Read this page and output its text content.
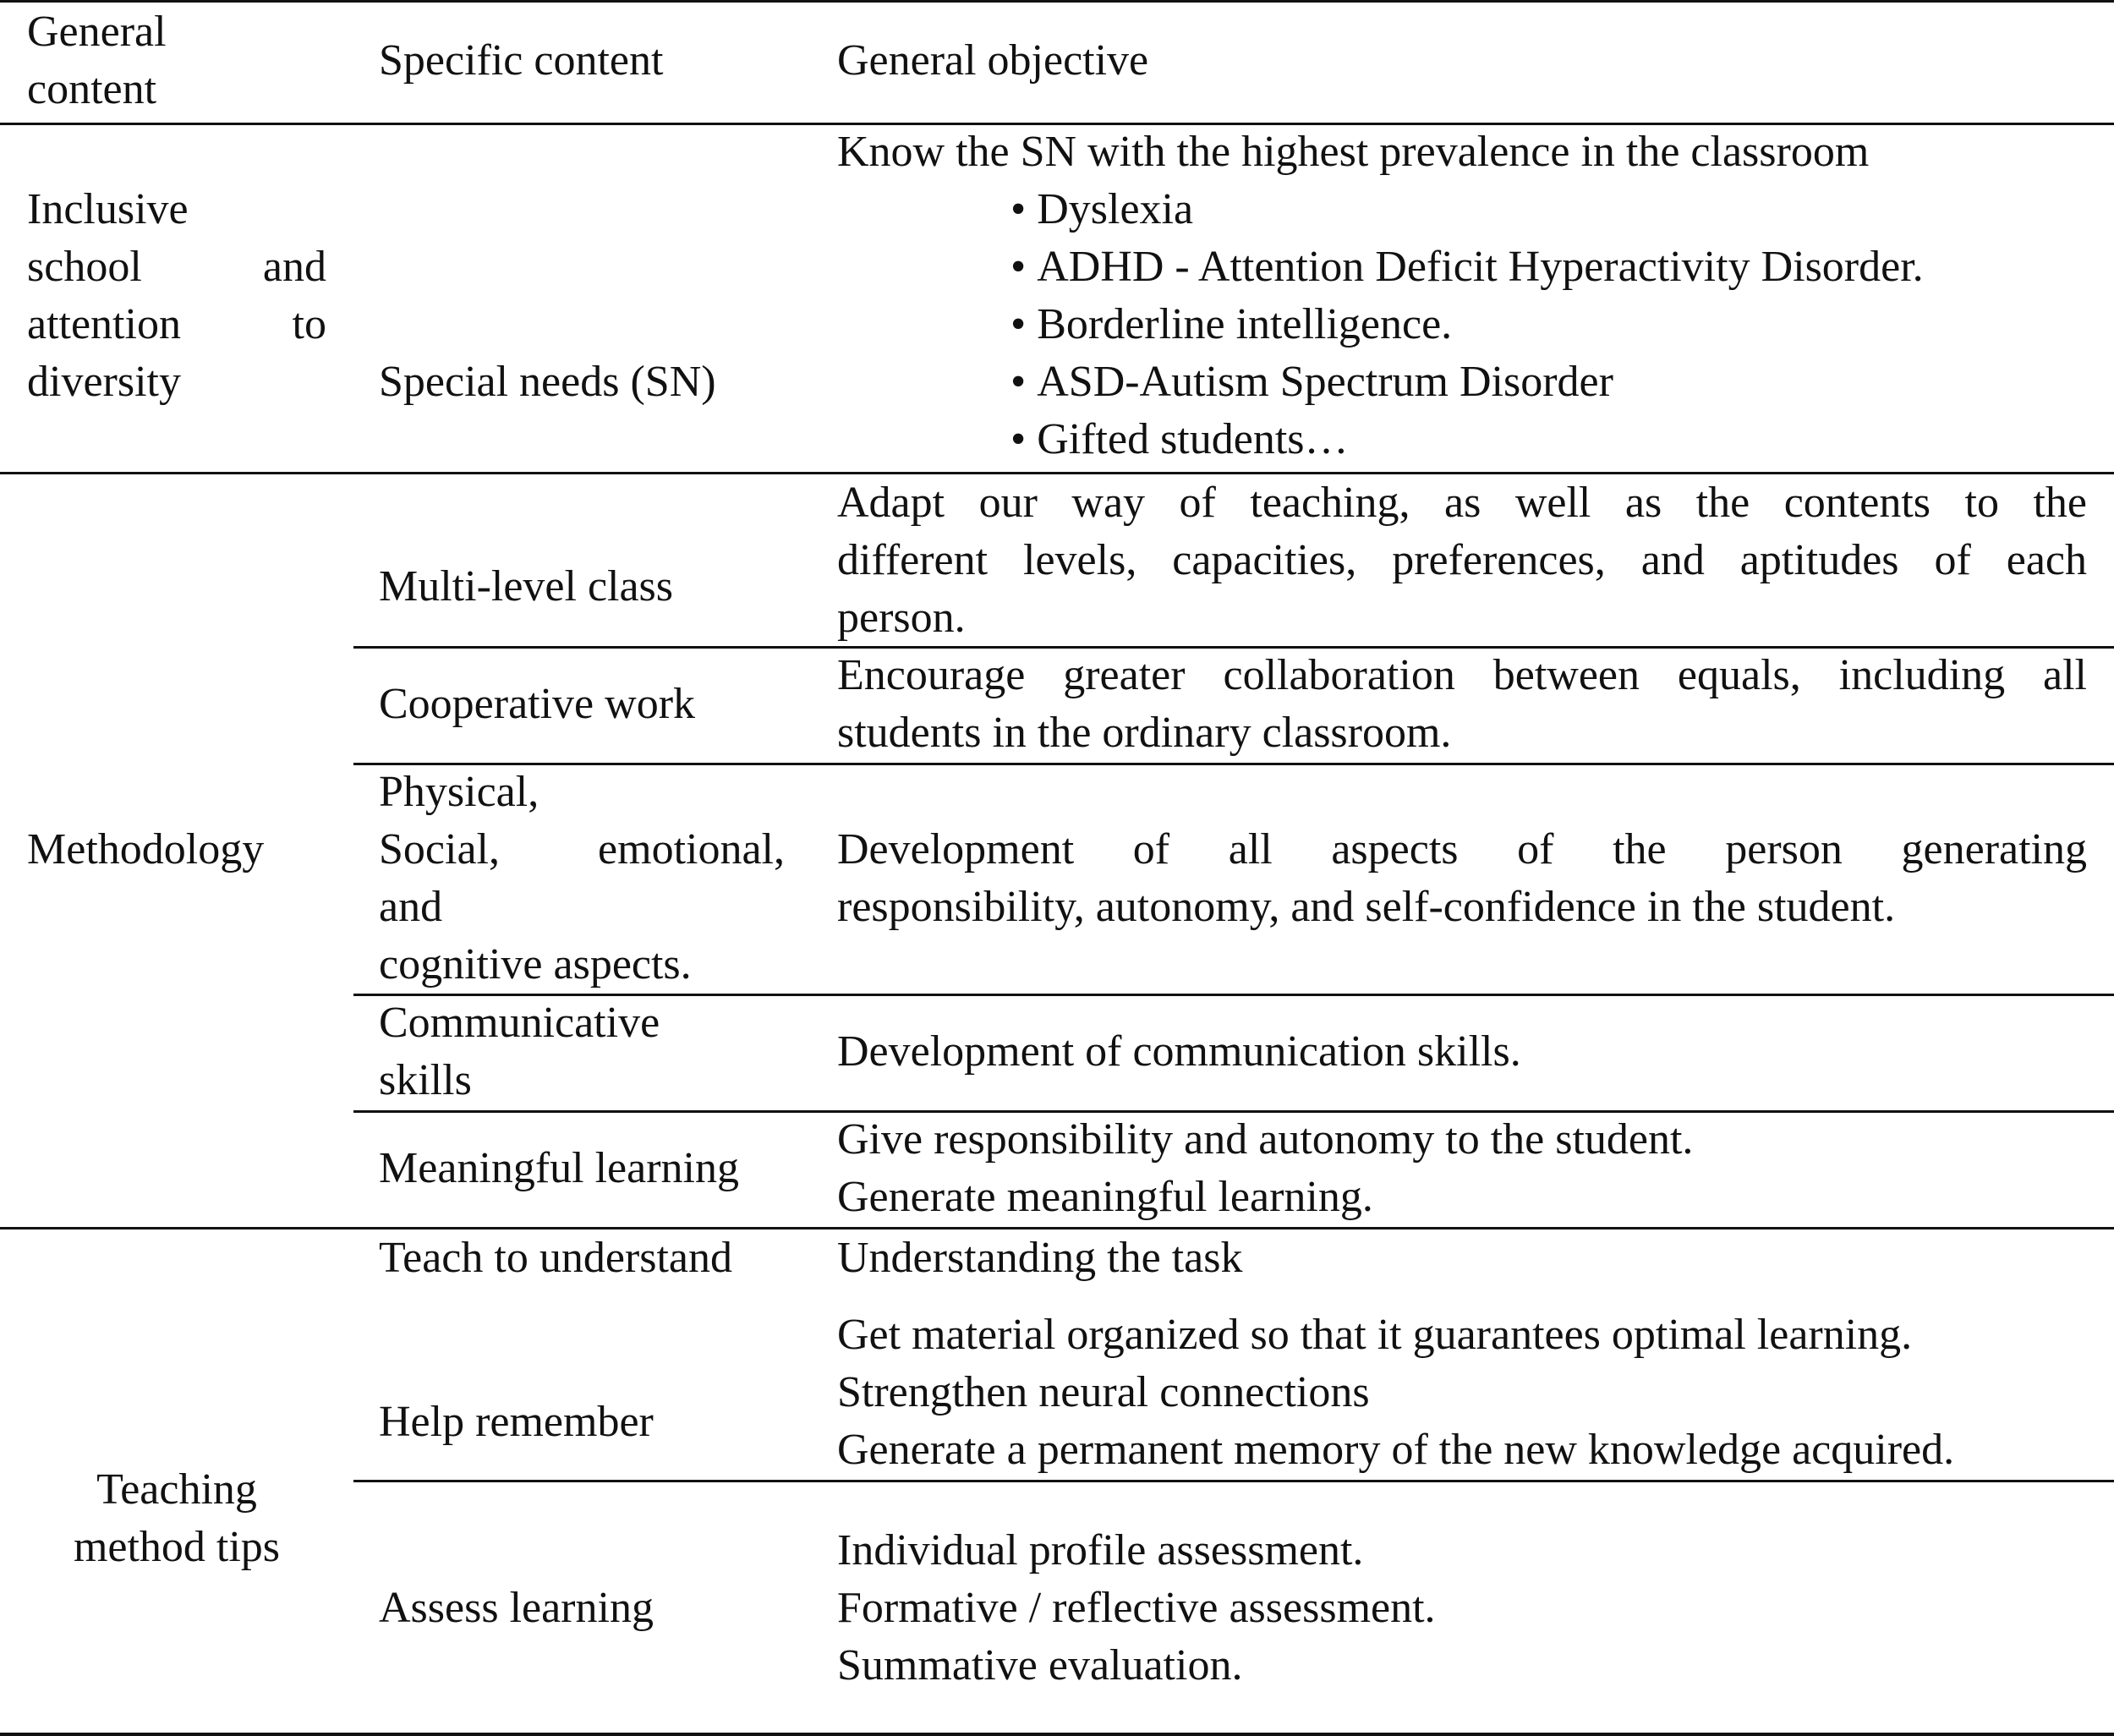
General
content
Specific content	General objective
Inclusive
school and
attention to
diversity	Special needs (SN)
Know the SN with the highest prevalence in the classroom
• Dyslexia
• ADHD - Attention Deficit Hyperactivity Disorder.
• Borderline intelligence.
• ASD-Autism Spectrum Disorder
• Gifted students…
Methodology
Multi-level class
Adapt our way of teaching, as well as the contents to the
different levels, capacities, preferences, and aptitudes of each
person.
Cooperative work
Encourage greater collaboration between equals, including all
students in the ordinary classroom.
Physical,
Social, emotional,
and
cognitive aspects.
Development of all aspects of the person generating
responsibility, autonomy, and self-confidence in the student.
Communicative
skills
Development of communication skills.
Meaningful learning
Give responsibility and autonomy to the student.
Generate meaningful learning.
Teaching
method tips
Teach to understand Understanding the task
Help remember
Get material organized so that it guarantees optimal learning.
Strengthen neural connections
Generate a permanent memory of the new knowledge acquired.
Assess learning
Individual profile assessment.
Formative / reflective assessment.
Summative evaluation.
